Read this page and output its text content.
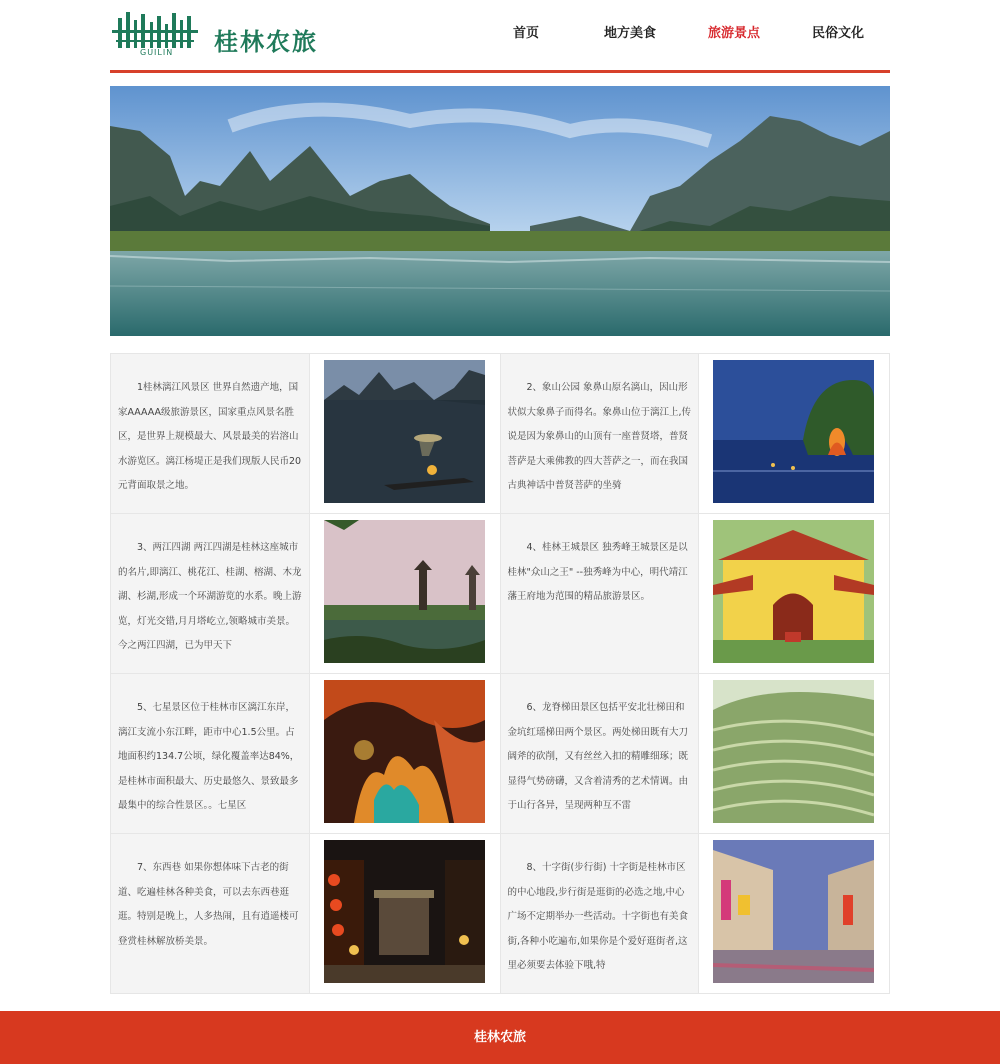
GUILIN 桂林农旅	首页	地方美食	旅游景点	民俗文化
1桂林漓江风景区 世界自然遗产地，国家AAAAA级旅游景区，国家重点风景名胜区，是世界上规模最大、风景最美的岩溶山水游览区。漓江杨堤正是我们现版人民币20元背面取景之地。
2、象山公园 象鼻山原名漓山，因山形状似大象鼻子而得名。象鼻山位于漓江上,传说是因为象鼻山的山顶有一座普贤塔，普贤菩萨是大乘佛教的四大菩萨之一，而在我国古典神话中普贤菩萨的坐骑
3、两江四湖 两江四湖是桂林这座城市的名片,即漓江、桃花江、桂湖、榕湖、木龙湖、杉湖,形成一个环湖游览的水系。晚上游览，灯光交错,月月塔屹立,领略城市美景。今之两江四湖，已为甲天下
4、桂林王城景区 独秀峰王城景区是以桂林"众山之王" --独秀峰为中心，明代靖江藩王府地为范围的精品旅游景区。
5、七星景区位于桂林市区漓江东岸，漓江支流小东江畔，距市中心1.5公里。占地面积约134.7公顷，绿化覆盖率达84%，是桂林市面积最大、历史最悠久、景致最多最集中的综合性景区。。七星区
6、龙脊梯田景区包括平安北壮梯田和金坑红瑶梯田两个景区。两处梯田既有大刀阔斧的砍削，又有丝丝入扣的精雕细琢；既显得气势磅礴，又含着清秀的艺术情调。由于山行各异，呈现两种互不雷
7、东西巷 如果你想体味下古老的街道、吃遍桂林各种美食，可以去东西巷逛逛。特别是晚上，人多热闹，且有逍遥楼可登赏桂林解放桥美景。
8、十字街(步行街) 十字街是桂林市区的中心地段,步行街是逛街的必选之地,中心广场不定期举办一些活动。十字街也有美食街,各种小吃遍布,如果你是个爱好逛街者,这里必须要去体验下哦,特
桂林农旅
